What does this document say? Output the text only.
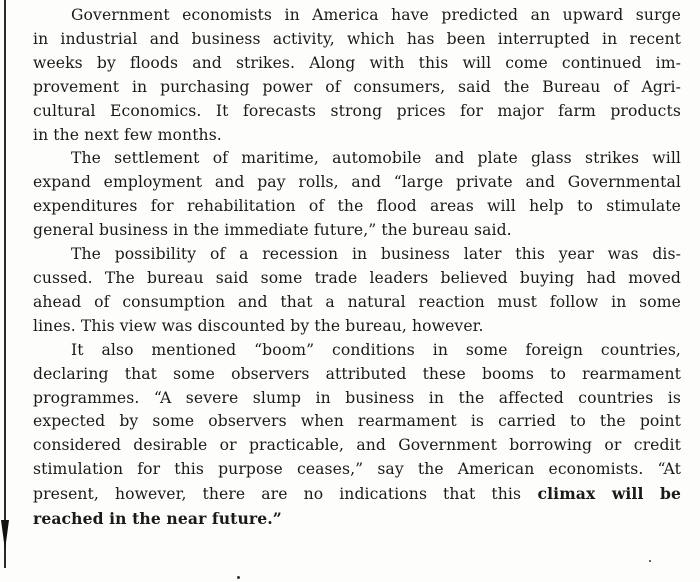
Government economists in America have predicted an upward surge
in industrial and business activity, which has been interrupted in recent
weeks by floods and strikes. Along with this will come continued im-
provement in purchasing power of consumers, said the Bureau of Agri-
cultural Economics. It forecasts strong prices for major farm products
in the next few months.

The settlement of maritime, automobile and plate glass strikes will
expand employment and pay rolls, and “large private and Governmental
expenditures for rehabilitation of the flood areas will help to stimulate
general business in the immediate future,” the bureau said.

The possibility of a recession in business later this year was dis-
cussed. The bureau said some trade leaders believed buying had moved
ahead of consumption and that a natural reaction must follow in some
lines. This view was discounted by the bureau, however.

It also mentioned “boom” conditions in some foreign countries,
declaring that some observers attributed these booms to rearmament
programmes. “A severe slump in business in the affected countries is
expected by some observers when rearmament is carried to the point
considered desirable or practicable, and Government borrowing or credit
stimulation for this purpose ceases,” say the American economists. “At
present, however, there are no indications that this climax will be
reached in the near future.”
